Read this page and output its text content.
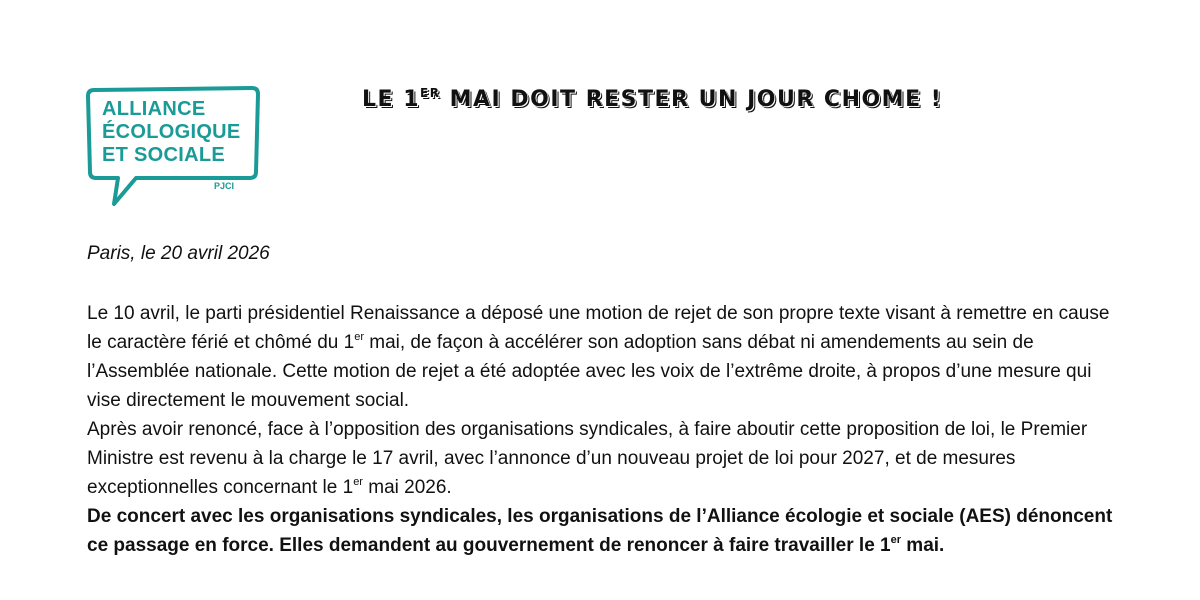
ALLIANCE
ÉCOLOGIQUE
ET SOCIALE
PJCI
LE 1ER MAI DOIT RESTER UN JOUR CHOME !
Paris, le 20 avril 2026

Le 10 avril, le parti présidentiel Renaissance a déposé une motion de rejet de son propre texte visant à remettre en cause le caractère férié et chômé du 1er mai, de façon à accélérer son adoption sans débat ni amendements au sein de l’Assemblée nationale. Cette motion de rejet a été adoptée avec les voix de l’extrême droite, à propos d’une mesure qui vise directement le mouvement social.

Après avoir renoncé, face à l’opposition des organisations syndicales, à faire aboutir cette proposition de loi, le Premier Ministre est revenu à la charge le 17 avril, avec l’annonce d’un nouveau projet de loi pour 2027, et de mesures exceptionnelles concernant le 1er mai 2026.

De concert avec les organisations syndicales, les organisations de l’Alliance écologie et sociale (AES) dénoncent ce passage en force. Elles demandent au gouvernement de renoncer à faire travailler le 1er mai.
